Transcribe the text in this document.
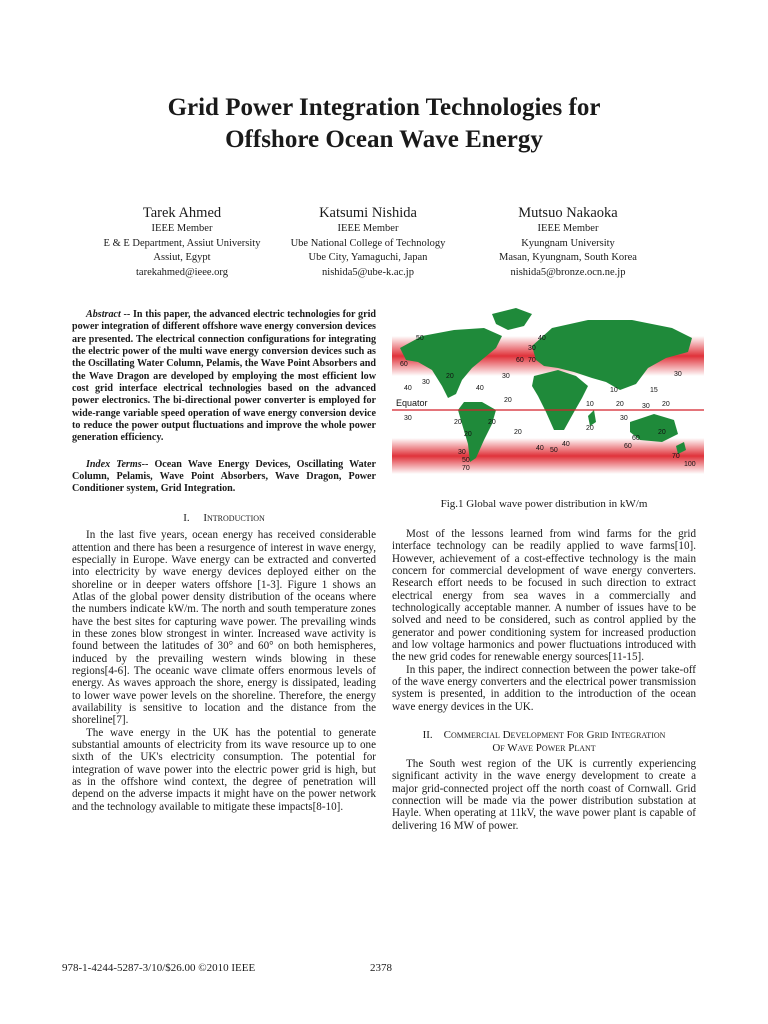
Grid Power Integration Technologies for
Offshore Ocean Wave Energy
Tarek Ahmed
IEEE Member
E & E Department, Assiut University
Assiut, Egypt
tarekahmed@ieee.org
Katsumi Nishida
IEEE Member
Ube National College of Technology
Ube City, Yamaguchi, Japan
nishida5@ube-k.ac.jp
Mutsuo Nakaoka
IEEE Member
Kyungnam University
Masan, Kyungnam, South Korea
nishida5@bronze.ocn.ne.jp

Abstract -- In this paper, the advanced electric technologies for grid power integration of different offshore wave energy conversion devices are presented. The electrical connection configurations for integrating the electric power of the multi wave energy conversion devices such as the Oscillating Water Column, Pelamis, the Wave Point Absorbers and the Wave Dragon are developed by employing the most efficient low cost grid interface electrical technologies based on the advanced power electronics. The bi-directional power converter is employed for wide-range variable speed operation of wave energy conversion device to reduce the power output fluctuations and improve the whole power generation efficiency.

Index Terms-- Ocean Wave Energy Devices, Oscillating Water Column, Pelamis, Wave Point Absorbers, Wave Dragon, Power Conditioner system, Grid Integration.

I.     Introduction

In the last five years, ocean energy has received considerable attention and there has been a resurgence of interest in wave energy, especially in Europe. Wave energy can be extracted and converted into electricity by wave energy devices deployed either on the shoreline or in deeper waters offshore [1-3]. Figure 1 shows an Atlas of the global power density distribution of the oceans where the numbers indicate kW/m. The north and south temperature zones have the best sites for capturing wave power. The prevailing winds in these zones blow strongest in winter. Increased wave activity is found between the latitudes of 30° and 60° on both hemispheres, induced by the prevailing western winds blowing in these regions[4-6]. The oceanic wave climate offers enormous levels of energy. As waves approach the shore, energy is dissipated, leading to lower wave power levels on the shoreline. Therefore, the energy availability is sensitive to location and the distance from the shoreline[7].

The wave energy in the UK has the potential to generate substantial amounts of electricity from its wave resource up to one sixth of the UK's electricity consumption. The potential for integration of wave power into the electric power grid is high, but as in the offshore wind context, the degree of penetration will depend on the adverse impacts it might have on the power network and the technology available to mitigate these impacts[8-10].

Equator
40
30
60
30
60 70
20	30
40
30
20
10
15
30
20
30
40 50
60
20
20
10
20
20
30
20
40
50
50
40
20
30
60
70
70
100
20
Fig.1 Global wave power distribution in kW/m

Most of the lessons learned from wind farms for the grid interface technology can be readily applied to wave farms[10]. However, achievement of a cost-effective technology is the main concern for commercial development of wave energy converters. Research effort needs to be focused in such direction to extract electrical energy from sea waves in a commercially and technologically acceptable manner. A number of issues have to be solved and need to be considered, such as control applied by the generator and power conditioning system for increased production and low voltage harmonics and power fluctuations introduced with the new grid codes for renewable energy sources[11-15].

In this paper, the indirect connection between the power take-off of the wave energy converters and the electrical power transmission system is presented, in addition to the introduction of the ocean wave energy devices in the UK.

II.    Commercial Development For Grid Integration

Of Wave Power Plant

The South west region of the UK is currently experiencing significant activity in the wave energy development to create a major grid-connected project off the north coast of Cornwall. Grid connection will be made via the power distribution substation at Hayle. When operating at 11kV, the wave power plant is capable of delivering 16 MW of power.

978-1-4244-5287-3/10/$26.00 ©2010 IEEE	2378
